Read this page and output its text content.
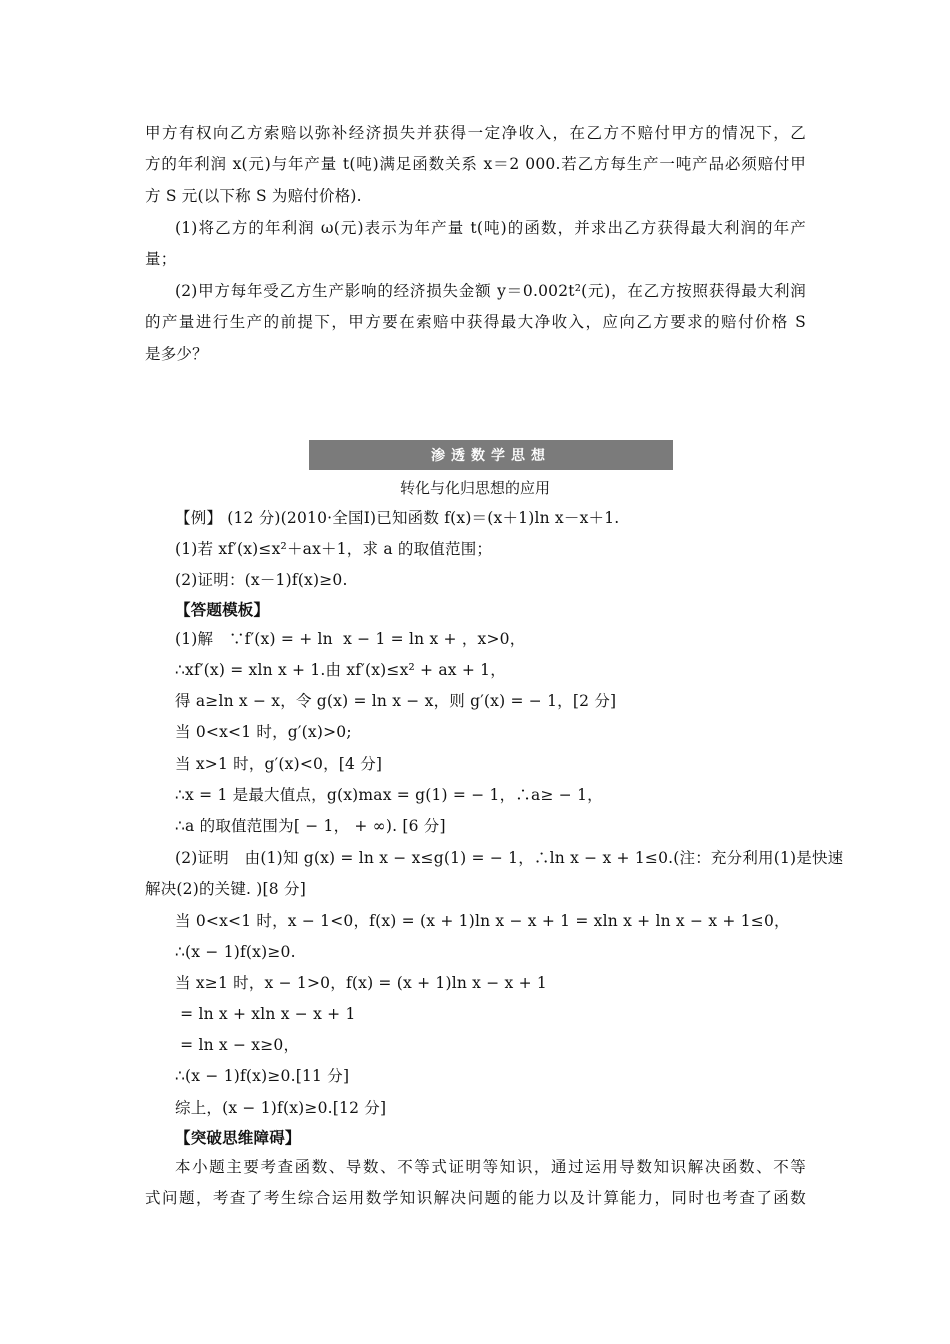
甲方有权向乙方索赔以弥补经济损失并获得一定净收入，在乙方不赔付甲方的情况下，乙
方的年利润 x(元)与年产量 t(吨)满足函数关系 x＝2 000.若乙方每生产一吨产品必须赔付甲
方 S 元(以下称 S 为赔付价格).
(1)将乙方的年利润 ω(元)表示为年产量 t(吨)的函数，并求出乙方获得最大利润的年产
量；
(2)甲方每年受乙方生产影响的经济损失金额 y＝0.002t²(元)，在乙方按照获得最大利润
的产量进行生产的前提下，甲方要在索赔中获得最大净收入，应向乙方要求的赔付价格 S
是多少？
渗透数学思想
转化与化归思想的应用
【例】 (12 分)(2010·全国Ⅰ)已知函数 f(x)＝(x＋1)ln x－x＋1.
(1)若 xf′(x)≤x²＋ax＋1，求 a 的取值范围；
(2)证明：(x－1)f(x)≥0.
【答题模板】
(1)解　∵f′(x) = + ln  x − 1 = ln x + ，x>0，
∴xf′(x) = xln x + 1.由 xf′(x)≤x² + ax + 1，
得 a≥ln x − x，令 g(x) = ln x − x，则 g′(x) = − 1，[2 分]
当 0<x<1 时，g′(x)>0;
当 x>1 时，g′(x)<0，[4 分]
∴x = 1 是最大值点，g(x)max = g(1) = − 1，∴a≥ − 1，
∴a 的取值范围为[ − 1， + ∞). [6 分]
(2)证明　由(1)知 g(x) = ln x − x≤g(1) = − 1，∴ln x − x + 1≤0.(注：充分利用(1)是快速
解决(2)的关键. )[8 分]
当 0<x<1 时，x − 1<0，f(x) = (x + 1)ln x − x + 1 = xln x + ln x − x + 1≤0，
∴(x − 1)f(x)≥0.
当 x≥1 时，x − 1>0，f(x) = (x + 1)ln x − x + 1
= ln x + xln x − x + 1
= ln x − x≥0，
∴(x − 1)f(x)≥0.[11 分]
综上，(x − 1)f(x)≥0.[12 分]
【突破思维障碍】
本小题主要考查函数、导数、不等式证明等知识，通过运用导数知识解决函数、不等
式问题，考查了考生综合运用数学知识解决问题的能力以及计算能力，同时也考查了函数
